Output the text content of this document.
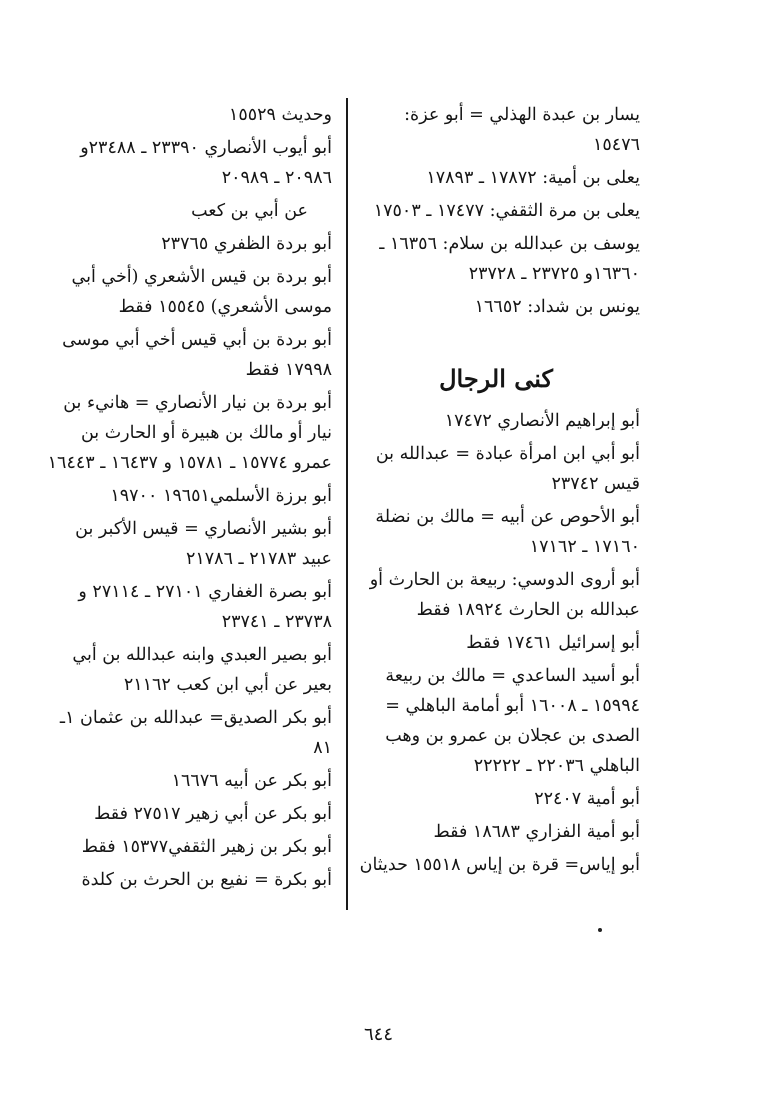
يسار بن عبدة الهذلي = أبو عزة: ١٥٤٧٦
يعلى بن أمية: ١٧٨٧٢ ـ ١٧٨٩٣
يعلى بن مرة الثقفي: ١٧٤٧٧ ـ ١٧٥٠٣
يوسف بن عبدالله بن سلام: ١٦٣٥٦ ـ ١٦٣٦٠و ٢٣٧٢٥ ـ ٢٣٧٢٨
يونس بن شداد: ١٦٦٥٢
كنى الرجال
أبو إبراهيم الأنصاري ١٧٤٧٢
أبو أبي ابن امرأة عبادة = عبدالله بن قيس ٢٣٧٤٢
أبو الأحوص عن أبيه = مالك بن نضلة ١٧١٦٠ ـ ١٧١٦٢
أبو أروى الدوسي: ربيعة بن الحارث أو عبدالله بن الحارث ١٨٩٢٤ فقط
أبو إسرائيل ١٧٤٦١ فقط
أبو أسيد الساعدي = مالك بن ربيعة ١٥٩٩٤ ـ ١٦٠٠٨ أبو أمامة الباهلي = الصدى بن عجلان بن عمرو بن وهب الباهلي ٢٢٠٣٦ ـ ٢٢٢٢٢
أبو أمية ٢٢٤٠٧
أبو أمية الفزاري ١٨٦٨٣ فقط
أبو إياس= قرة بن إياس ١٥٥١٨ حديثان
وحديث ١٥٥٢٩
أبو أيوب الأنصاري ٢٣٣٩٠ ـ ٢٣٤٨٨و ٢٠٩٨٦ ـ ٢٠٩٨٩
عن أبي بن كعب
أبو بردة الظفري ٢٣٧٦٥
أبو بردة بن قيس الأشعري (أخي أبي موسى الأشعري) ١٥٥٤٥ فقط
أبو بردة بن أبي قيس أخي أبي موسى ١٧٩٩٨ فقط
أبو بردة بن نيار الأنصاري = هانيء بن نيار أو مالك بن هبيرة أو الحارث بن عمرو ١٥٧٧٤ ـ ١٥٧٨١ و ١٦٤٣٧ ـ ١٦٤٤٣
أبو برزة الأسلمي١٩٦٥١ ١٩٧٠٠
أبو بشير الأنصاري = قيس الأكبر بن عبيد ٢١٧٨٣ ـ ٢١٧٨٦
أبو بصرة الغفاري ٢٧١٠١ ـ ٢٧١١٤ و ٢٣٧٣٨ ـ ٢٣٧٤١
أبو بصير العبدي وابنه عبدالله بن أبي بعير عن أبي ابن كعب ٢١١٦٢
أبو بكر الصديق= عبدالله بن عثمان ١ـ ٨١
أبو بكر عن أبيه ١٦٦٧٦
أبو بكر عن أبي زهير ٢٧٥١٧ فقط
أبو بكر بن زهير الثقفي١٥٣٧٧ فقط
أبو بكرة = نفيع بن الحرث بن كلدة
٦٤٤
